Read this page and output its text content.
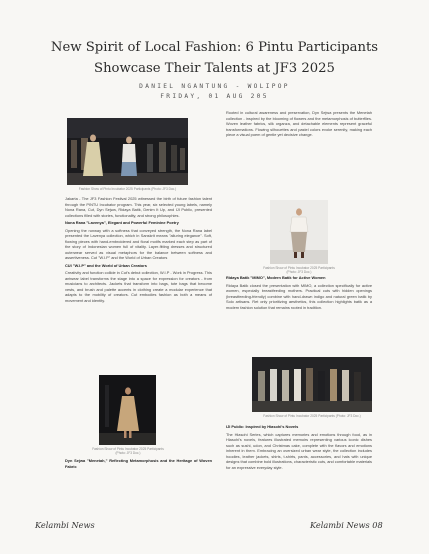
New Spirit of Local Fashion: 6 Pintu Participants
Showcase Their Talents at JF3 2025
DANIEL NGANTUNG - WOLIPOP
FRIDAY, 01 AUG 205
Fashion Show of Pintu Incubator 2025 Participants (Photo: JF3 Doc.)

Jakarta - The JF3 Fashion Festival 2025 witnessed the birth of future fashion talent through the PINTU Incubator program. This year, six selected young labels, namely Nona Rana, Cut, Dyn Sejwa, Ridaya Batik, Denim It Up, and IJI Public, presented collections filled with stories, functionality, and strong philosophies.

Nona Rana "Lavenya", Elegant and Powerful Feminine Poetry

Opening the runway with a softness that conveyed strength, the Nona Rana label presented the Lavenya collection, which in Sanskrit means "alluring elegance". Soft, flowing pieces with hand-embroidered and floral motifs marked each step as part of the story of Indonesian women full of vitality. Layer-fitting dresses and structured outerwear served as visual metaphors for the balance between softness and assertiveness. Cut "W.I.P" and the World of Urban Creators

CUI "W.I.P" and the World of Urban Creators

Creativity and function collide in Cut's debut collection, W.I.P - Work in Progress. This antwear label transforms the stage into a space for expression for creators - from musicians to architects. Jackets that transform into bags, tote bags that become vests, and brush and palette accents in clothing create a modular experience that adapts to the mobility of creators. Cut embodies fashion as both a means of movement and identity.

Fashion Show of Pintu Incubator 2025 Participants (Photo: JF3 Doc.)

Dyn Sejwa "Menetah," Reflecting Metamorphosis and the Heritage of Woven Fabric

Rooted in cultural awareness and preservation, Dyn Sejwa presents the Menetah collection - inspired by the blooming of flowers and the metamorphosis of butterflies. Woven leather fabrics, silk organza, and detachable elements represent graceful transformations. Flowing silhouettes and pastel colors evoke serenity, making each piece a visual poem of gentle yet decisive change.

Fashion Show of Pintu Incubator 2025 Participants (Photo: JF3 Doc.)

Ridaya Batik "MIMO", Modern Batik for Active Women

Ridaya Batik closed the presentation with MIMO, a collection specifically for active women, especially breastfeeding mothers. Practical cuts with hidden openings (breastfeeding-friendly) combine with hand-drawn indigo and natural green batik by Solo artisans. Ret only prioritizing aesthetics, this collection highlights batik as a modern fashion solution that remains rooted in tradition.

Fashion Show of Pintu Incubator 2025 Participants (Photo: JF3 Doc.)

IJI Public: Inspired by Hiasohi's Novels

The Hiasohi Series, which captures memories and emotions through food, as in Hiasohi's novels, features illustrated memoirs representing various iconic dishes such as sushi, udon, and Christmas cake, complete with the flavors and emotions inherent in them. Embracing an oversized urban wear style, the collection includes hoodies, leather jackets, shirts, t-shirts, pants, accessories, and hats with unique designs that combine bold illustrations, characteristic cuts, and comfortable materials for an expressive everyday style.

Kelambi News	Kelambi News 08
